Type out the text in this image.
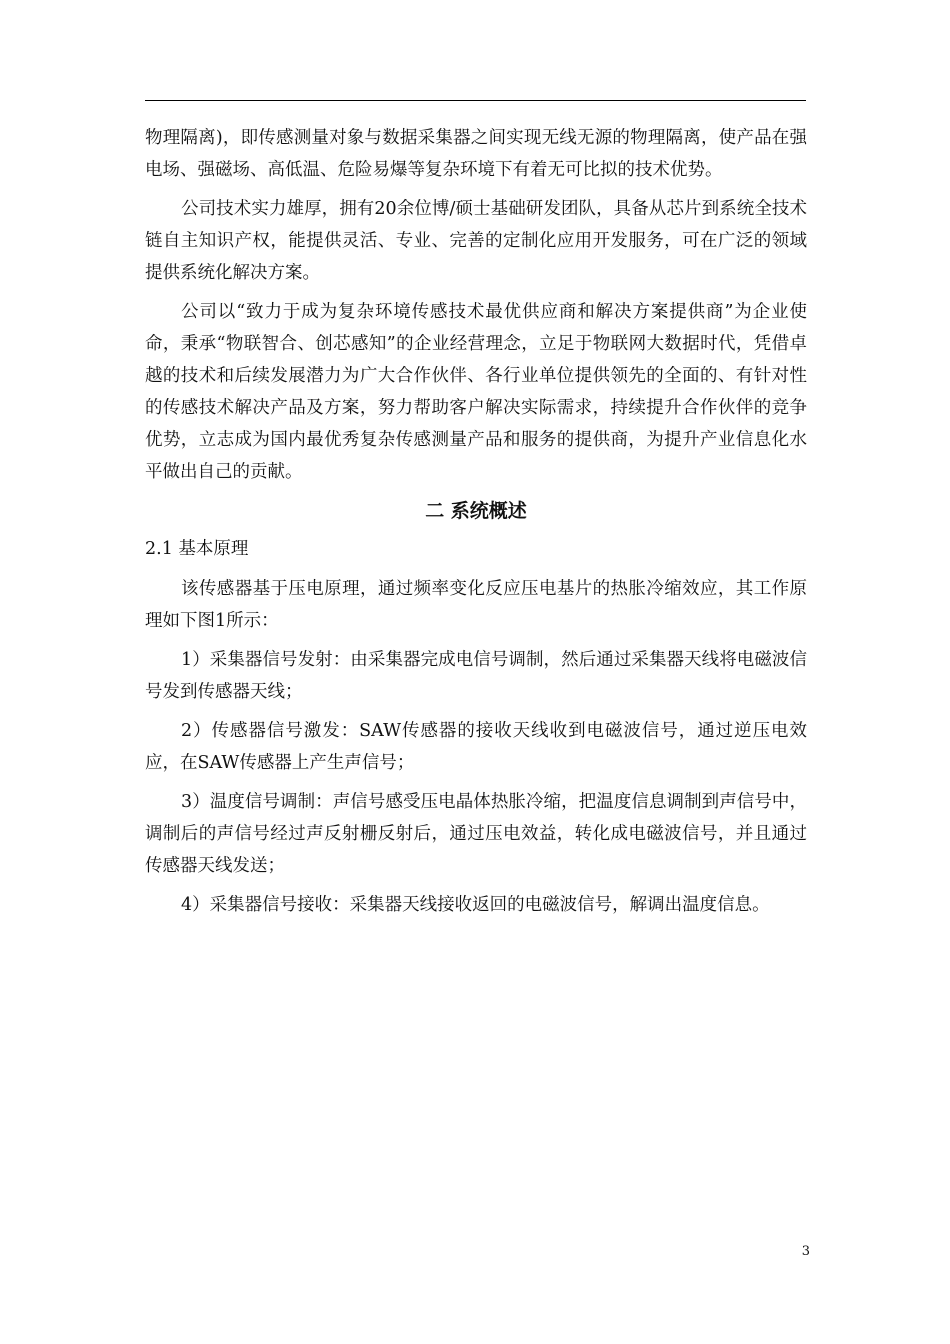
物理隔离)，即传感测量对象与数据采集器之间实现无线无源的物理隔离，使产品在强电场、强磁场、高低温、危险易爆等复杂环境下有着无可比拟的技术优势。

公司技术实力雄厚，拥有20余位博/硕士基础研发团队，具备从芯片到系统全技术链自主知识产权，能提供灵活、专业、完善的定制化应用开发服务，可在广泛的领域提供系统化解决方案。

公司以“致力于成为复杂环境传感技术最优供应商和解决方案提供商”为企业使命，秉承“物联智合、创芯感知”的企业经营理念，立足于物联网大数据时代，凭借卓越的技术和后续发展潜力为广大合作伙伴、各行业单位提供领先的全面的、有针对性的传感技术解决产品及方案，努力帮助客户解决实际需求，持续提升合作伙伴的竞争优势，立志成为国内最优秀复杂传感测量产品和服务的提供商，为提升产业信息化水平做出自己的贡献。

二 系统概述

2.1 基本原理

该传感器基于压电原理，通过频率变化反应压电基片的热胀冷缩效应，其工作原理如下图1所示：

1）采集器信号发射：由采集器完成电信号调制，然后通过采集器天线将电磁波信号发到传感器天线；

2）传感器信号激发：SAW传感器的接收天线收到电磁波信号，通过逆压电效应，在SAW传感器上产生声信号；

3）温度信号调制：声信号感受压电晶体热胀冷缩，把温度信息调制到声信号中，调制后的声信号经过声反射栅反射后，通过压电效益，转化成电磁波信号，并且通过传感器天线发送；

4）采集器信号接收：采集器天线接收返回的电磁波信号，解调出温度信息。

3
